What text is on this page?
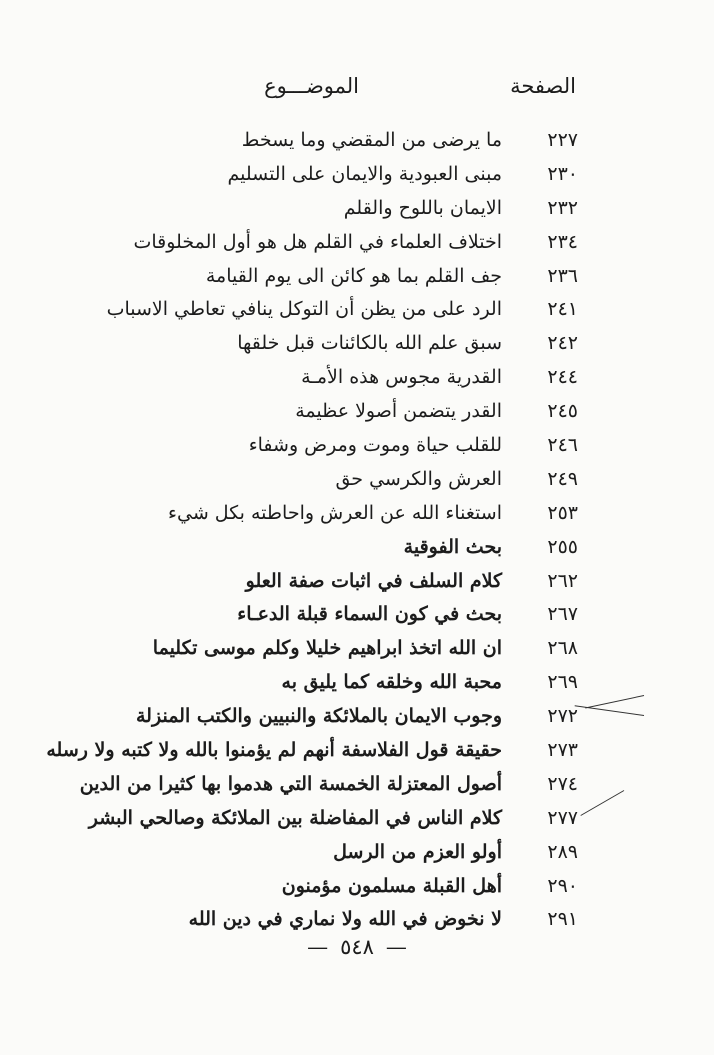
الصفحة
الموضـــوع
٢٢٧
ما يرضى من المقضي وما يسخط
٢٣٠
مبنى العبودية والايمان على التسليم
٢٣٢
الايمان باللوح والقلم
٢٣٤
اختلاف العلماء في القلم هل هو أول المخلوقات
٢٣٦
جف القلم بما هو كائن الى يوم القيامة
٢٤١
الرد على من يظن أن التوكل ينافي تعاطي الاسباب
٢٤٢
سبق علم الله بالكائنات قبل خلقها
٢٤٤
القدرية مجوس هذه الأمـة
٢٤٥
القدر يتضمن أصولا عظيمة
٢٤٦
للقلب حياة وموت ومرض وشفاء
٢٤٩
العرش والكرسي حق
٢٥٣
استغناء الله عن العرش واحاطته بكل شيء
٢٥٥
بحث الفوقية
٢٦٢
كلام السلف في اثبات صفة العلو
٢٦٧
بحث في كون السماء قبلة الدعـاء
٢٦٨
ان الله اتخذ ابراهيم خليلا وكلم موسى تكليما
٢٦٩
محبة الله وخلقه كما يليق به
٢٧٢
وجوب الايمان بالملائكة والنبيين والكتب المنزلة
٢٧٣
حقيقة قول الفلاسفة أنهم لم يؤمنوا بالله ولا كتبه ولا رسله
٢٧٤
أصول المعتزلة الخمسة التي هدموا بها كثيرا من الدين
٢٧٧
كلام الناس في المفاضلة بين الملائكة وصالحي البشر
٢٨٩
أولو العزم من الرسل
٢٩٠
أهل القبلة مسلمون مؤمنون
٢٩١
لا نخوض في الله ولا نماري في دين الله
—٥٤٨—
